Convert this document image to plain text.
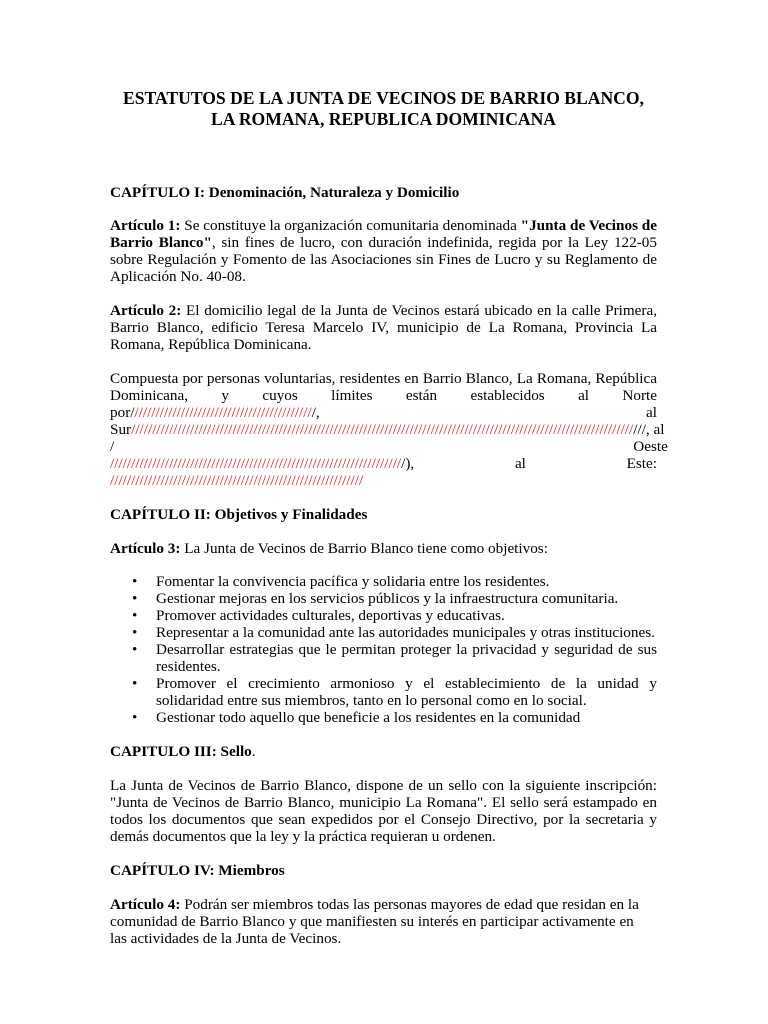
ESTATUTOS DE LA JUNTA DE VECINOS DE BARRIO BLANCO,
LA ROMANA, REPUBLICA DOMINICANA

CAPÍTULO I: Denominación, Naturaleza y Domicilio

Artículo 1: Se constituye la organización comunitaria denominada "Junta de Vecinos de Barrio Blanco", sin fines de lucro, con duración indefinida, regida por la Ley 122-05 sobre Regulación y Fomento de las Asociaciones sin Fines de Lucro y su Reglamento de Aplicación No. 40-08.

Artículo 2: El domicilio legal de la Junta de Vecinos estará ubicado en la calle Primera, Barrio Blanco, edificio Teresa Marcelo IV, municipio de La Romana, Provincia La Romana, República Dominicana.

Compuesta por personas voluntarias, residentes en Barrio Blanco, La Romana, República Dominicana, y cuyos límites están establecidos al Norte

por////////////////////////////////////////////,	al
Sur /
/////////////////////////////////////////////////////////////////////////////////////////////////////////////////////// ///, al Oeste
//////////////////////////////////////////////////////////////////////),	al	Este:
////////////////////////////////////////////////////////////

CAPÍTULO II: Objetivos y Finalidades

Artículo 3: La Junta de Vecinos de Barrio Blanco tiene como objetivos:

• Fomentar la convivencia pacífica y solidaria entre los residentes.
• Gestionar mejoras en los servicios públicos y la infraestructura comunitaria.
• Promover actividades culturales, deportivas y educativas.
• Representar a la comunidad ante las autoridades municipales y otras instituciones.
• Desarrollar estrategias que le permitan proteger la privacidad y seguridad de sus residentes.
• Promover el crecimiento armonioso y el establecimiento de la unidad y solidaridad entre sus miembros, tanto en lo personal como en lo social.
• Gestionar todo aquello que beneficie a los residentes en la comunidad

CAPITULO III: Sello.

La Junta de Vecinos de Barrio Blanco, dispone de un sello con la siguiente inscripción: "Junta de Vecinos de Barrio Blanco, municipio La Romana". El sello será estampado en todos los documentos que sean expedidos por el Consejo Directivo, por la secretaria y demás documentos que la ley y la práctica requieran u ordenen.

CAPÍTULO IV: Miembros

Artículo 4: Podrán ser miembros todas las personas mayores de edad que residan en la
comunidad de Barrio Blanco y que manifiesten su interés en participar activamente en
las actividades de la Junta de Vecinos.
